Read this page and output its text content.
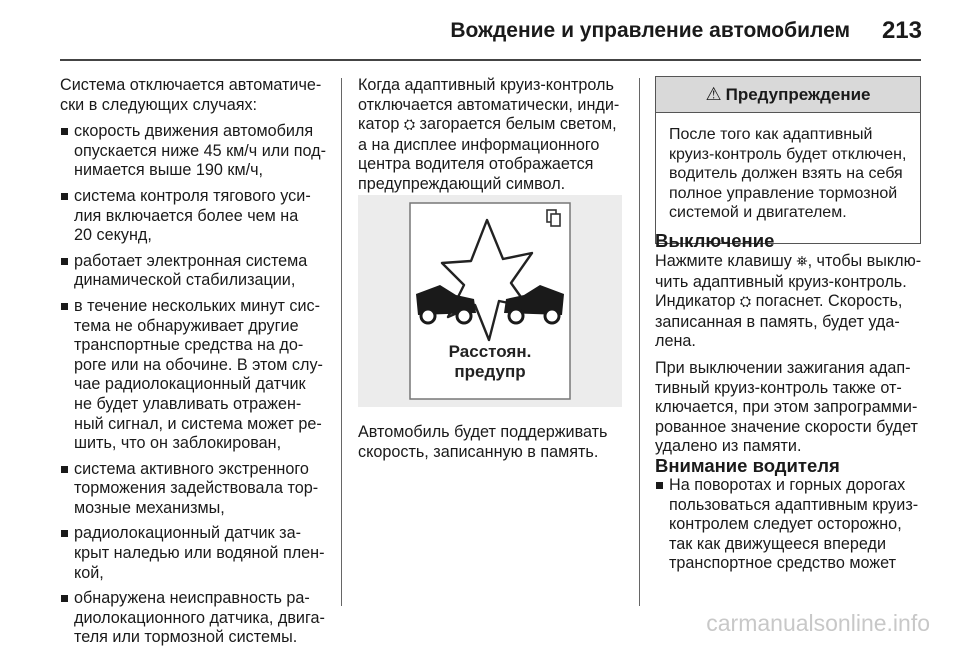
Вождение и управление автомобилем	213

Система отключается автоматиче-
ски в следующих случаях:

скорость движения автомобиля
опускается ниже 45 км/ч или под-
нимается выше 190 км/ч,
система контроля тягового уси-
лия включается более чем на
20 секунд,
работает электронная система
динамической стабилизации,
в течение нескольких минут сис-
тема не обнаруживает другие
транспортные средства на до-
роге или на обочине. В этом слу-
чае радиолокационный датчик
не будет улавливать отражен-
ный сигнал, и система может ре-
шить, что он заблокирован,
система активного экстренного
торможения задействовала тор-
мозные механизмы,
радиолокационный датчик за-
крыт наледью или водяной плен-
кой,
обнаружена неисправность ра-
диолокационного датчика, двига-
теля или тормозной системы.

Когда адаптивный круиз-контроль
отключается автоматически, инди-
катор ⛭ загорается белым светом,
а на дисплее информационного
центра водителя отображается
предупреждающий символ.

Расстоян.
предупр

Автомобиль будет поддерживать
скорость, записанную в память.

⚠ Предупреждение
После того как адаптивный
круиз-контроль будет отключен,
водитель должен взять на себя
полное управление тормозной
системой и двигателем.
Выключение

Нажмите клавишу ⛯, чтобы выклю-
чить адаптивный круиз-контроль.
Индикатор ⛭ погаснет. Скорость,
записанная в память, будет уда-
лена.

При выключении зажигания адап-
тивный круиз-контроль также от-
ключается, при этом запрограмми-
рованное значение скорости будет
удалено из памяти.

Внимание водителя
На поворотах и горных дорогах
пользоваться адаптивным круиз-
контролем следует осторожно,
так как движущееся впереди
транспортное средство может
carmanualsonline.info
